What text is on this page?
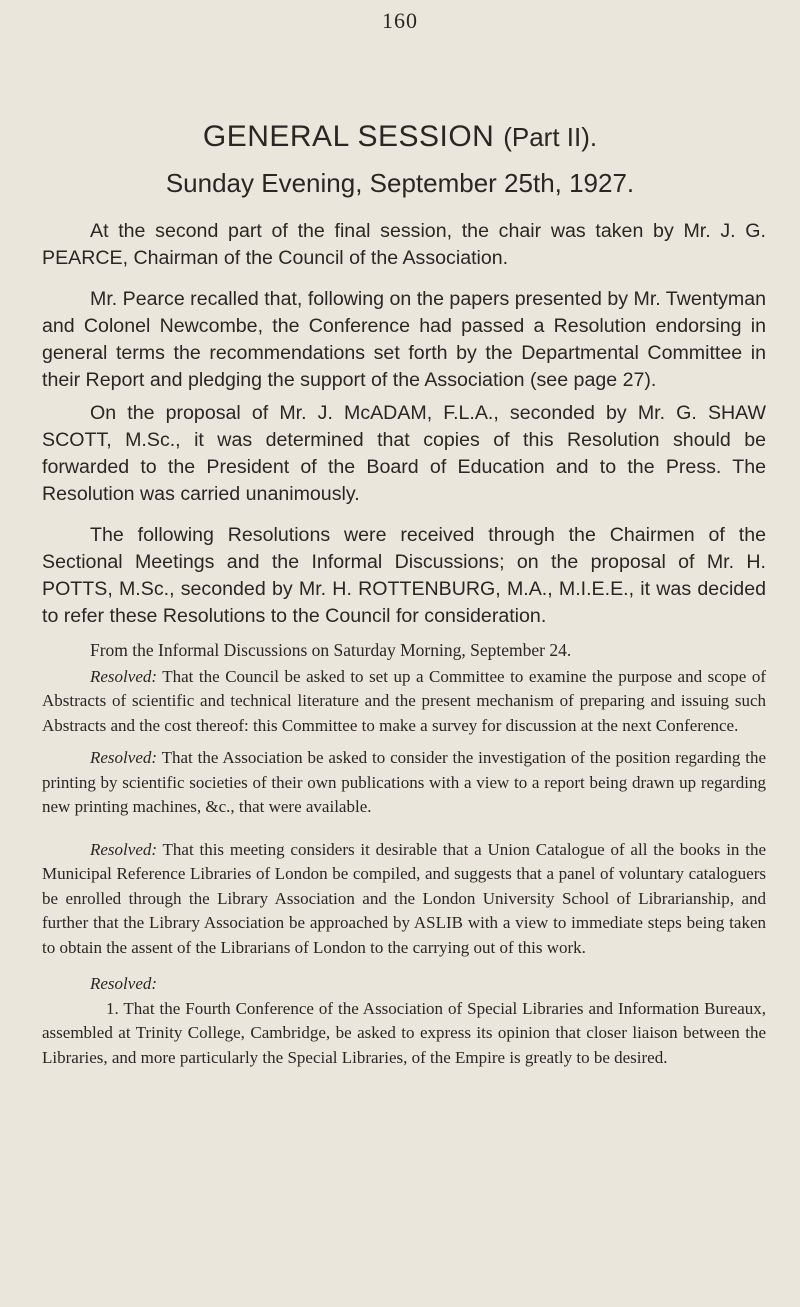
160
GENERAL SESSION (Part II).
Sunday Evening, September 25th, 1927.

At the second part of the final session, the chair was taken by Mr. J. G. PEARCE, Chairman of the Council of the Association.

Mr. Pearce recalled that, following on the papers presented by Mr. Twentyman and Colonel Newcombe, the Conference had passed a Resolution endorsing in general terms the recommendations set forth by the Departmental Committee in their Report and pledging the support of the Association (see page 27).

On the proposal of Mr. J. McADAM, F.L.A., seconded by Mr. G. SHAW SCOTT, M.Sc., it was determined that copies of this Resolution should be forwarded to the President of the Board of Education and to the Press. The Resolution was carried unanimously.

The following Resolutions were received through the Chairmen of the Sectional Meetings and the Informal Discussions; on the proposal of Mr. H. POTTS, M.Sc., seconded by Mr. H. ROTTENBURG, M.A., M.I.E.E., it was decided to refer these Resolutions to the Council for consideration.

From the Informal Discussions on Saturday Morning, September 24.

Resolved: That the Council be asked to set up a Committee to examine the purpose and scope of Abstracts of scientific and technical literature and the present mechanism of preparing and issuing such Abstracts and the cost thereof: this Committee to make a survey for discussion at the next Conference.

Resolved: That the Association be asked to consider the investigation of the position regarding the printing by scientific societies of their own publications with a view to a report being drawn up regarding new printing machines, &c., that were available.

Resolved: That this meeting considers it desirable that a Union Catalogue of all the books in the Municipal Reference Libraries of London be compiled, and suggests that a panel of voluntary cataloguers be enrolled through the Library Association and the London University School of Librarianship, and further that the Library Association be approached by ASLIB with a view to immediate steps being taken to obtain the assent of the Librarians of London to the carrying out of this work.

Resolved:

1. That the Fourth Conference of the Association of Special Libraries and Information Bureaux, assembled at Trinity College, Cambridge, be asked to express its opinion that closer liaison between the Libraries, and more particularly the Special Libraries, of the Empire is greatly to be desired.
